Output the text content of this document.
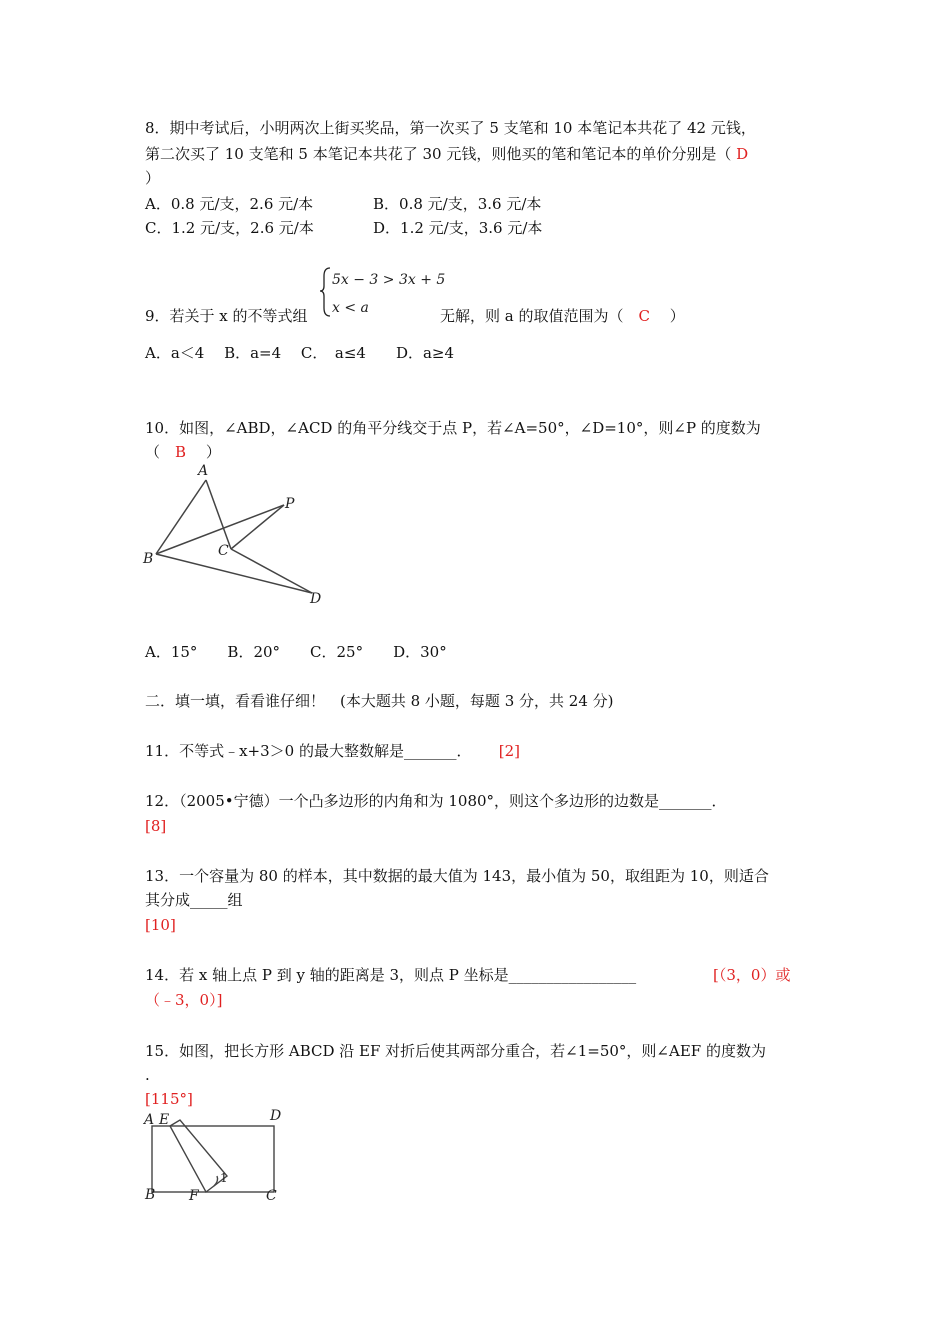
8．期中考试后，小明两次上街买奖品，第一次买了 5 支笔和 10 本笔记本共花了 42 元钱，
第二次买了 10 支笔和 5 本笔记本共花了 30 元钱，则他买的笔和笔记本的单价分别是（ D
）
A．0.8 元/支，2.6 元/本	B．0.8 元/支，3.6 元/本
C．1.2 元/支，2.6 元/本	D．1.2 元/支，3.6 元/本
9．若关于 x 的不等式组
5x − 3 > 3x + 5
x < a	无解，则 a 的取值范围为（　 C　 ）
A．a＜4　 B．a=4　 C．　a≤4　　D．a≥4
10．如图，∠ABD，∠ACD 的角平分线交于点 P，若∠A=50°，∠D=10°，则∠P 的度数为
（　 B　 ）
A
B	C
D
P
A．15°　　B．20°　　C．25°　　D．30°
二．填一填，看看谁仔细！　(本大题共 8 小题，每题 3 分，共 24 分)
11．不等式﹣x+3＞0 的最大整数解是_______．　　 [2]
12．（2005•宁德）一个凸多边形的内角和为 1080°，则这个多边形的边数是_______．
[8]
13．一个容量为 80 的样本，其中数据的最大值为 143，最小值为 50，取组距为 10，则适合
其分成_____组
[10]
14．若 x 轴上点 P 到 y 轴的距离是 3，则点 P 坐标是_________________	[（3，0）或
（﹣3，0）]
15．如图，把长方形 ABCD 沿 EF 对折后使其两部分重合，若∠1=50°，则∠AEF 的度数为
.
[115°]
A E	D
B F	C
1
